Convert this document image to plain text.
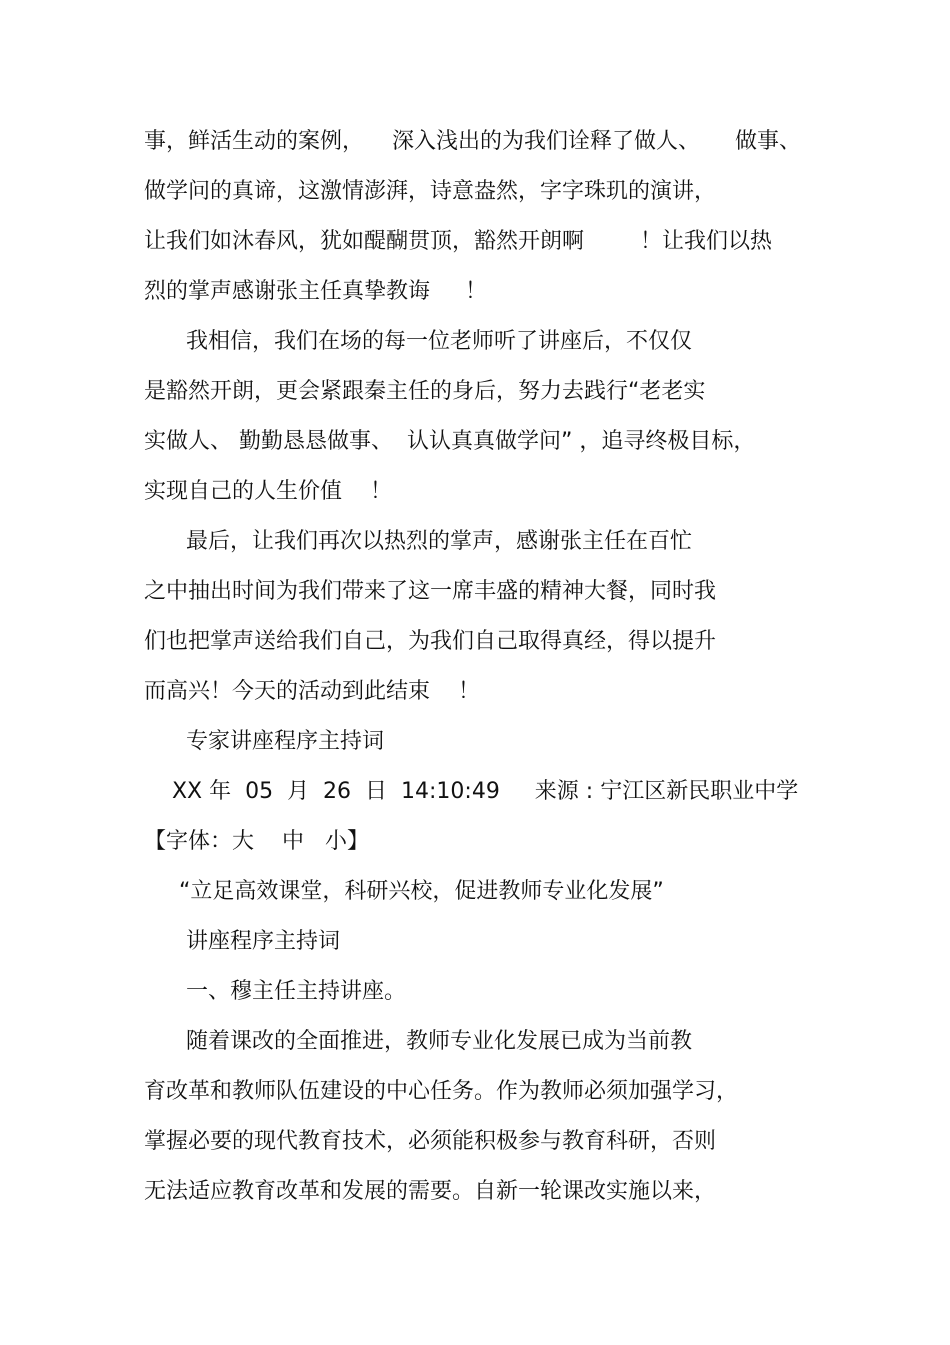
事，鲜活生动的案例，    深入浅出的为我们诠释了做人、     做事、
做学问的真谛，这激情澎湃，诗意盎然，字字珠玑的演讲，
让我们如沐春风，犹如醍醐贯顶，豁然开朗啊        ！让我们以热
烈的掌声感谢张主任真挚教诲     ！
我相信，我们在场的每一位老师听了讲座后，不仅仅
是豁然开朗，更会紧跟秦主任的身后，努力去践行“老老实
实做人、 勤勤恳恳做事、  认认真真做学问” ，追寻终极目标，
实现自己的人生价值    ！
最后，让我们再次以热烈的掌声，感谢张主任在百忙
之中抽出时间为我们带来了这一席丰盛的精神大餐，同时我
们也把掌声送给我们自己，为我们自己取得真经，得以提升
而高兴！今天的活动到此结束    ！
专家讲座程序主持词
XX 年  05  月  26  日  14:10:49     来源 : 宁江区新民职业中学
【字体：大    中   小】
“立足高效课堂，科研兴校，促进教师专业化发展”
讲座程序主持词
一、穆主任主持讲座。
随着课改的全面推进，教师专业化发展已成为当前教
育改革和教师队伍建设的中心任务。作为教师必须加强学习，
掌握必要的现代教育技术，必须能积极参与教育科研，否则
无法适应教育改革和发展的需要。自新一轮课改实施以来，
